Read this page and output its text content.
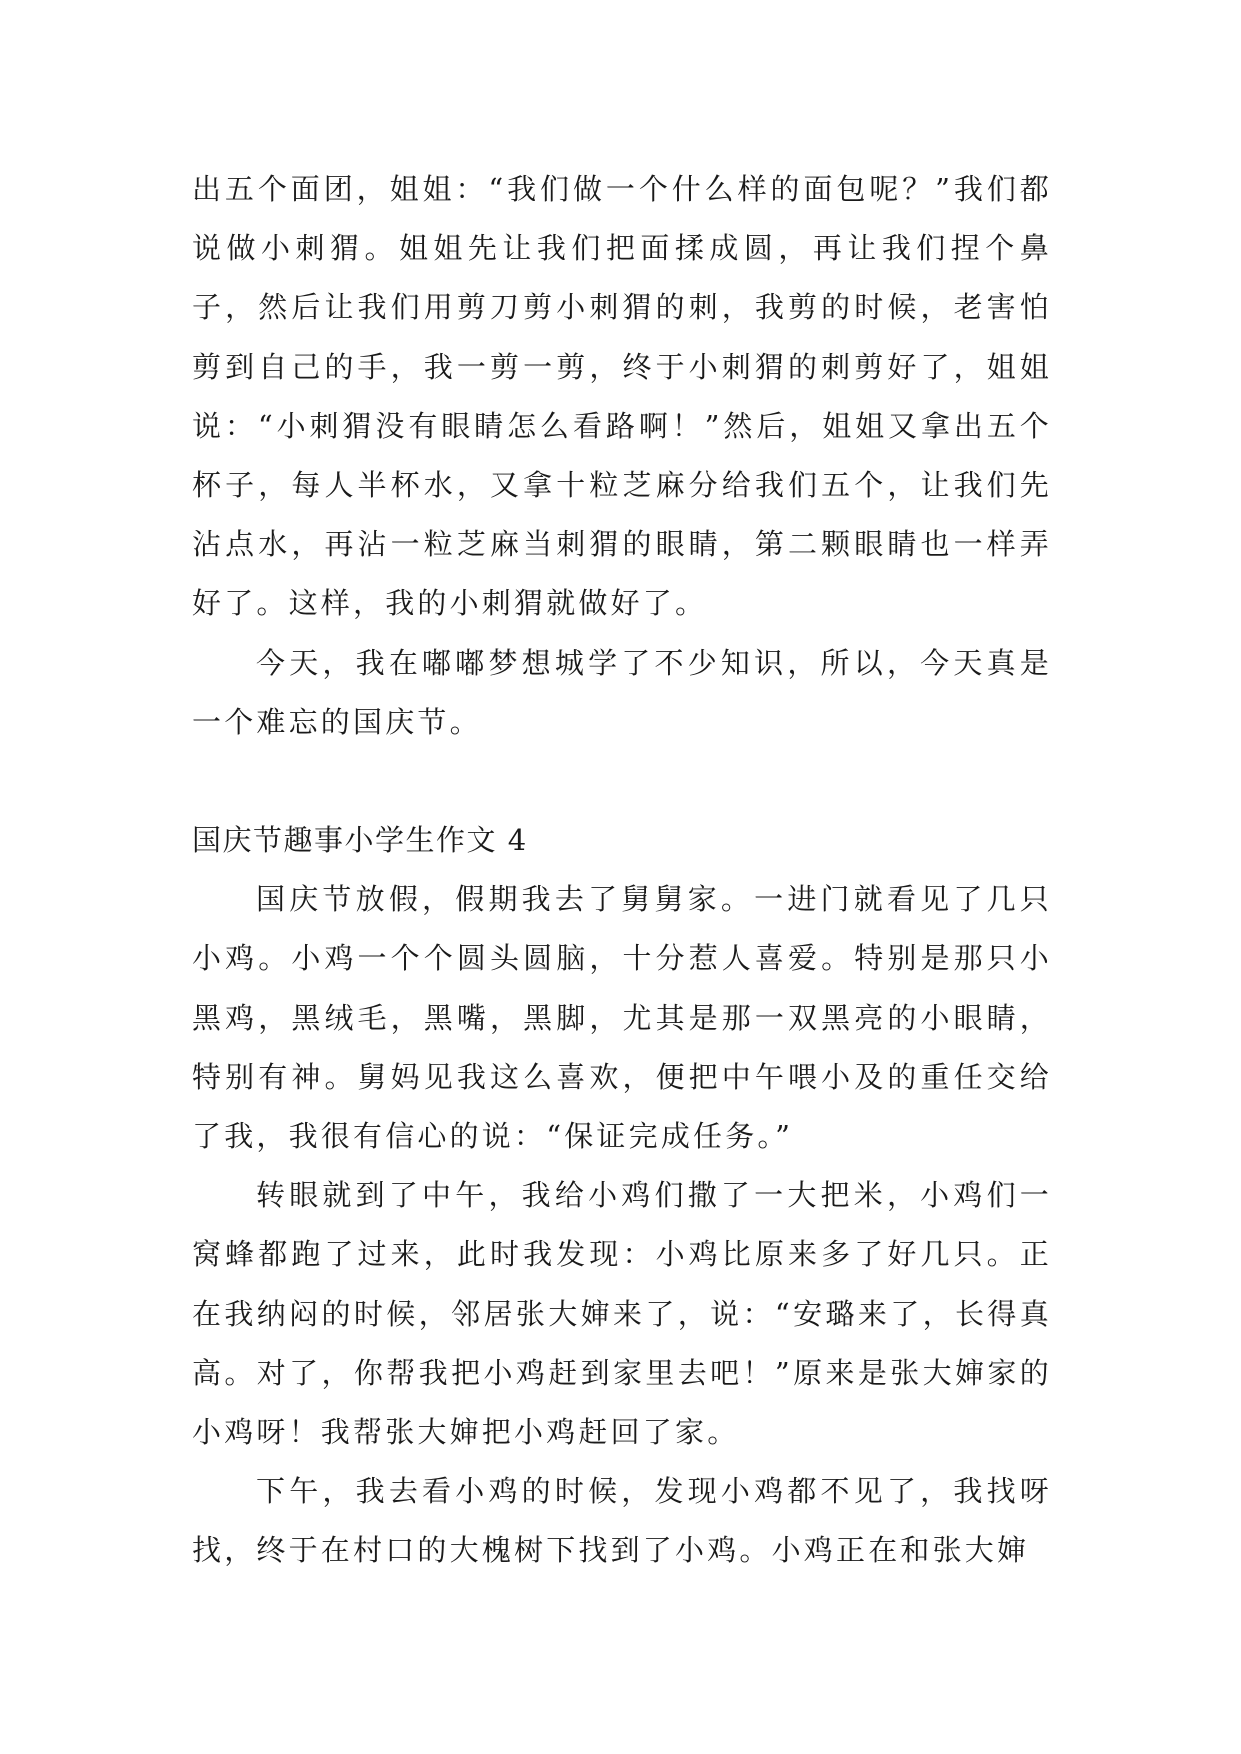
出五个面团，姐姐：“我们做一个什么样的面包呢？”我们都说做小刺猬。姐姐先让我们把面揉成圆，再让我们捏个鼻子，然后让我们用剪刀剪小刺猬的刺，我剪的时候，老害怕剪到自己的手，我一剪一剪，终于小刺猬的刺剪好了，姐姐说：“小刺猬没有眼睛怎么看路啊！”然后，姐姐又拿出五个杯子，每人半杯水，又拿十粒芝麻分给我们五个，让我们先沾点水，再沾一粒芝麻当刺猬的眼睛，第二颗眼睛也一样弄好了。这样，我的小刺猬就做好了。

今天，我在嘟嘟梦想城学了不少知识，所以，今天真是一个难忘的国庆节。

国庆节趣事小学生作文 4

国庆节放假，假期我去了舅舅家。一进门就看见了几只小鸡。小鸡一个个圆头圆脑，十分惹人喜爱。特别是那只小黑鸡，黑绒毛，黑嘴，黑脚，尤其是那一双黑亮的小眼睛，特别有神。舅妈见我这么喜欢，便把中午喂小及的重任交给了我，我很有信心的说：“保证完成任务。”

转眼就到了中午，我给小鸡们撒了一大把米，小鸡们一窝蜂都跑了过来，此时我发现：小鸡比原来多了好几只。正在我纳闷的时候，邻居张大婶来了，说：“安璐来了，长得真高。对了，你帮我把小鸡赶到家里去吧！”原来是张大婶家的小鸡呀！我帮张大婶把小鸡赶回了家。

下午，我去看小鸡的时候，发现小鸡都不见了，我找呀找，终于在村口的大槐树下找到了小鸡。小鸡正在和张大婶
